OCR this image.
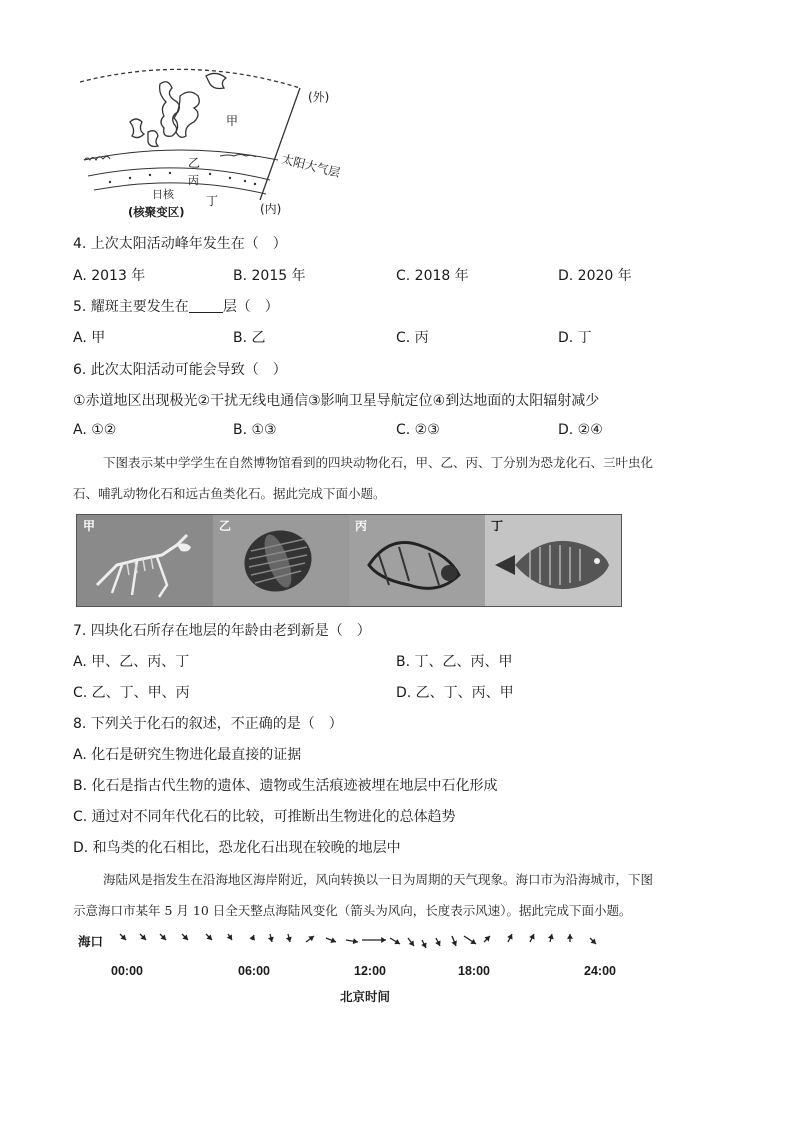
(外)
太阳大气层
甲
乙
丙
日核	丁
(核聚变区)	(内)
4. 上次太阳活动峰年发生在（　）
A. 2013 年	B. 2015 年	C. 2018 年	D. 2020 年
5. 耀斑主要发生在 层（　）
A. 甲	B. 乙	C. 丙	D. 丁
6. 此次太阳活动可能会导致（　）
①赤道地区出现极光②干扰无线电通信③影响卫星导航定位④到达地面的太阳辐射减少
A. ①②	B. ①③	C. ②③	D. ②④
下图表示某中学学生在自然博物馆看到的四块动物化石，甲、乙、丙、丁分别为恐龙化石、三叶虫化
石、哺乳动物化石和远古鱼类化石。据此完成下面小题。
甲	乙	丙	丁
7. 四块化石所存在地层的年龄由老到新是（　）
A. 甲、乙、丙、丁	B. 丁、乙、丙、甲
C. 乙、丁、甲、丙	D. 乙、丁、丙、甲
8. 下列关于化石的叙述，不正确的是（　）
A. 化石是研究生物进化最直接的证据
B. 化石是指古代生物的遗体、遗物或生活痕迹被埋在地层中石化形成
C. 通过对不同年代化石的比较，可推断出生物进化的总体趋势
D. 和鸟类的化石相比，恐龙化石出现在较晚的地层中
海陆风是指发生在沿海地区海岸附近，风向转换以一日为周期的天气现象。海口市为沿海城市，下图
示意海口市某年 5 月 10 日全天整点海陆风变化（箭头为风向，长度表示风速）。据此完成下面小题。
海口
00:00	06:00	12:00	18:00	24:00
北京时间
